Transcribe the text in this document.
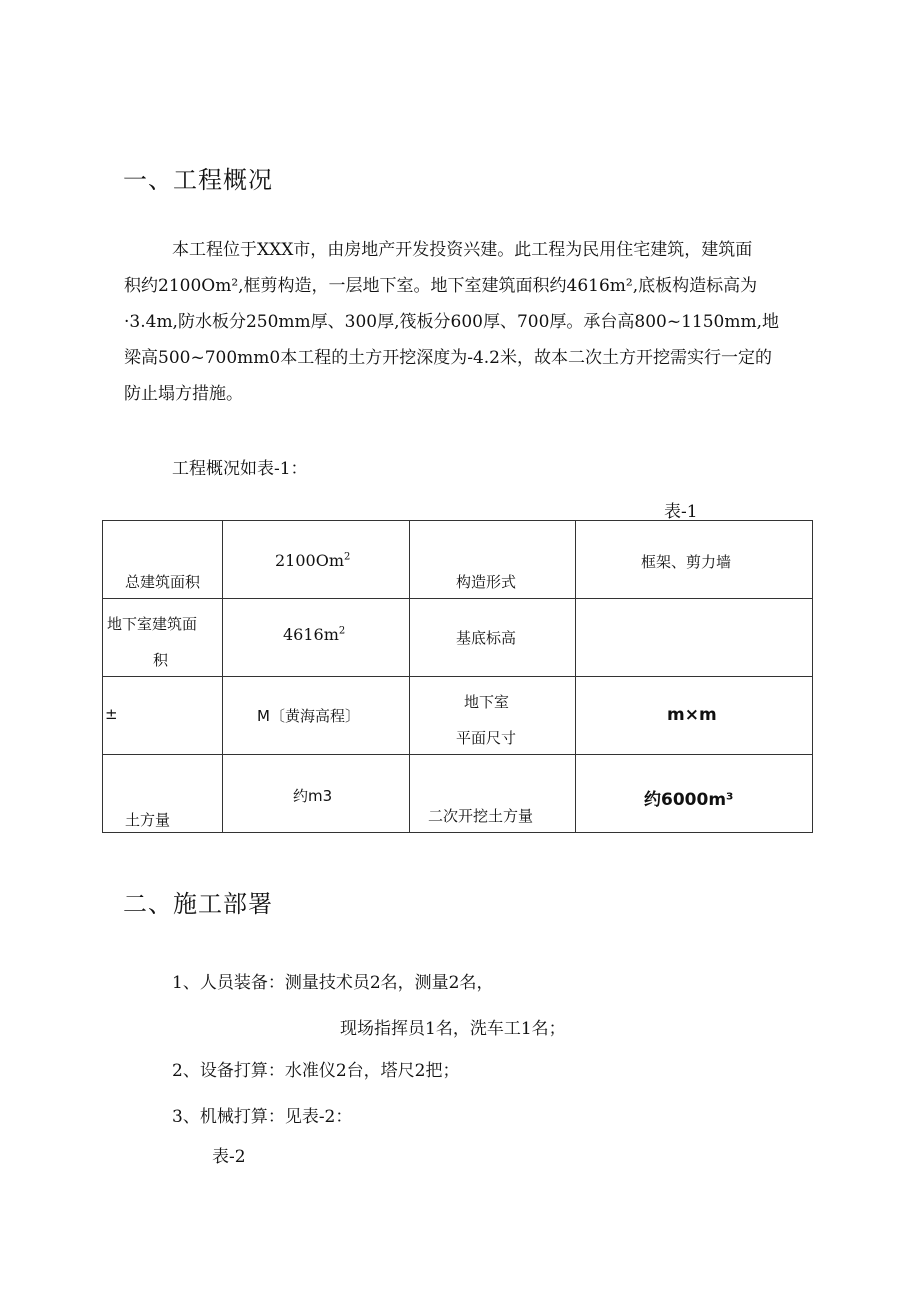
一、工程概况

本工程位于XXX市，由房地产开发投资兴建。此工程为民用住宅建筑，建筑面

积约2100Om²,框剪构造，一层地下室。地下室建筑面积约4616m²,底板构造标高为

·3.4m,防水板分250mm厚、300厚,筏板分600厚、700厚。承台高800~1150mm,地

梁高500~700mm0本工程的土方开挖深度为-4.2米，故本二次土方开挖需实行一定的

防止塌方措施。

工程概况如表-1：
表-1
总建筑面积	2100Om$^2$	构造形式	框架、剪力墙

地下室建筑面
积	$4616m^2$	基底标高	

±	M〔黄海高程〕	地下室
平面尺寸	m×m

土方量	约m3	二次开挖土方量	约6000m³
二、施工部署
1、人员装备：测量技术员2名，测量2名，
现场指挥员1名，洗车工1名；
2、设备打算：水准仪2台，塔尺2把；
3、机械打算：见表-2：
表-2
